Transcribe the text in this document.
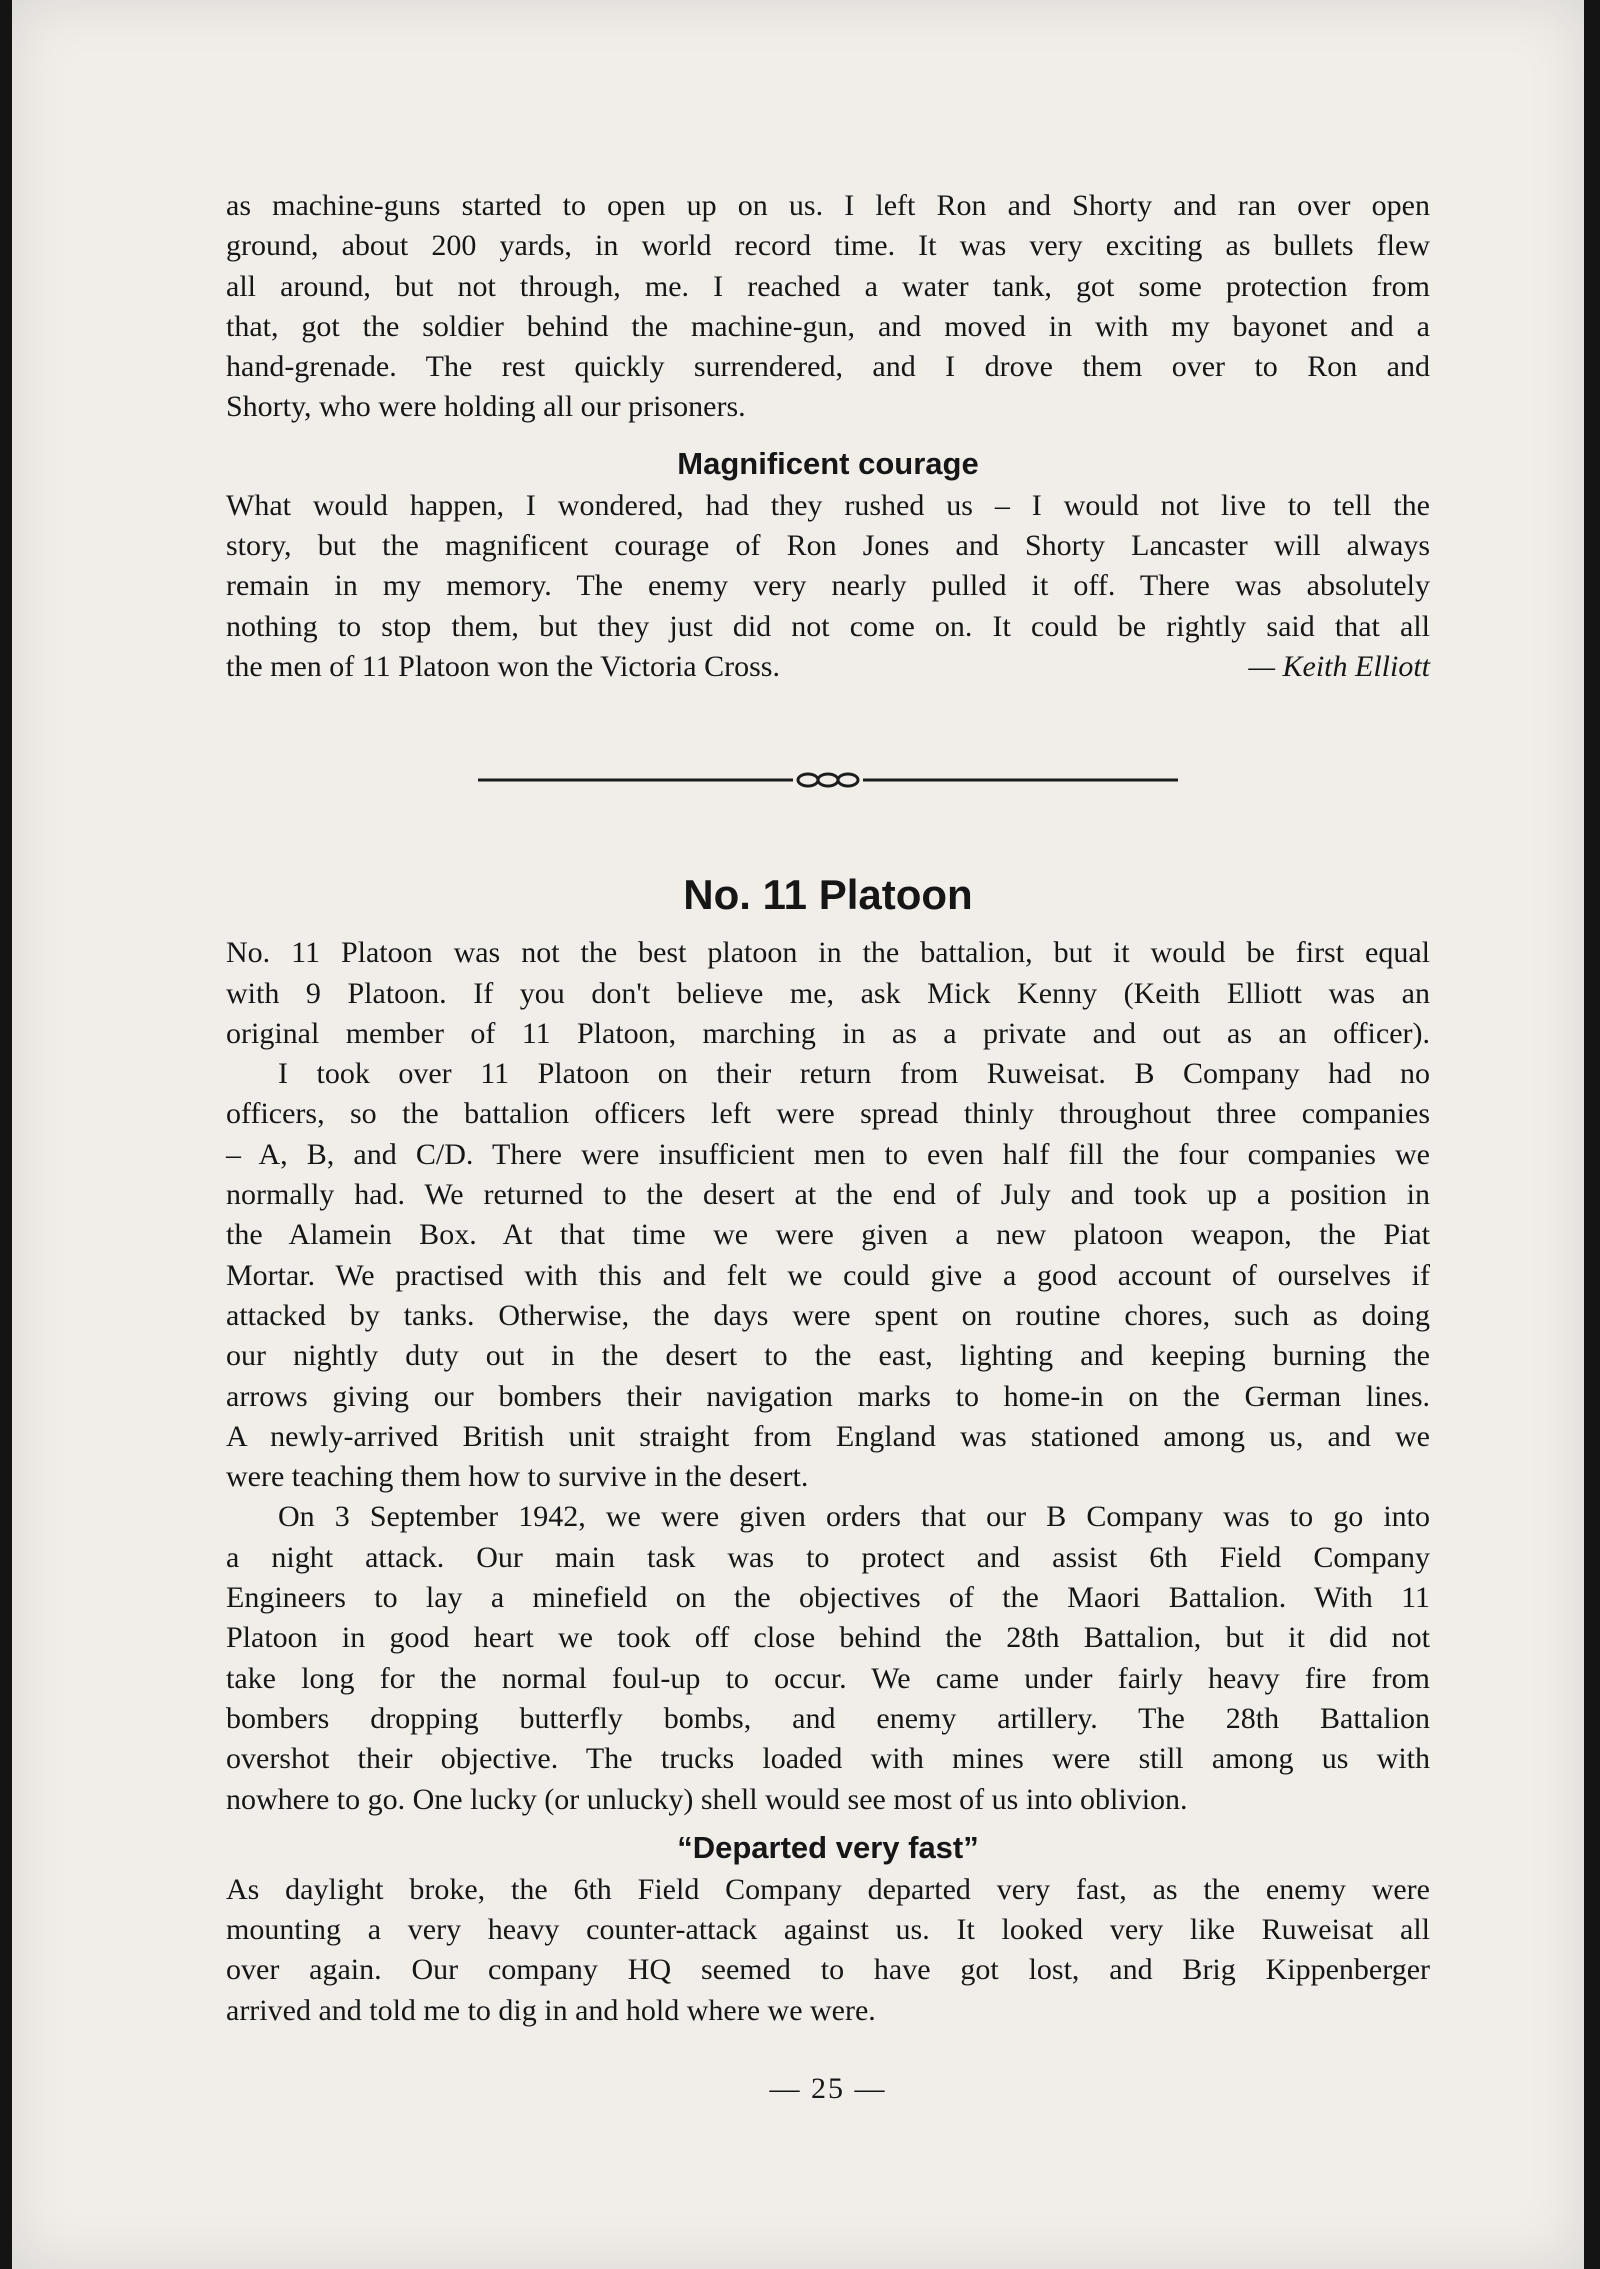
as machine-guns started to open up on us. I left Ron and Shorty and ran over open

ground, about 200 yards, in world record time. It was very exciting as bullets flew

all around, but not through, me. I reached a water tank, got some protection from

that, got the soldier behind the machine-gun, and moved in with my bayonet and a

hand-grenade. The rest quickly surrendered, and I drove them over to Ron and

Shorty, who were holding all our prisoners.

Magnificent courage

What would happen, I wondered, had they rushed us – I would not live to tell the

story, but the magnificent courage of Ron Jones and Shorty Lancaster will always

remain in my memory. The enemy very nearly pulled it off. There was absolutely

nothing to stop them, but they just did not come on. It could be rightly said that all

the men of 11 Platoon won the Victoria Cross.	— Keith Elliott

No. 11 Platoon

No. 11 Platoon was not the best platoon in the battalion, but it would be first equal

with 9 Platoon. If you don't believe me, ask Mick Kenny (Keith Elliott was an

original member of 11 Platoon, marching in as a private and out as an officer).

I took over 11 Platoon on their return from Ruweisat. B Company had no

officers, so the battalion officers left were spread thinly throughout three companies

– A, B, and C/D. There were insufficient men to even half fill the four companies we

normally had. We returned to the desert at the end of July and took up a position in

the Alamein Box. At that time we were given a new platoon weapon, the Piat

Mortar. We practised with this and felt we could give a good account of ourselves if

attacked by tanks. Otherwise, the days were spent on routine chores, such as doing

our nightly duty out in the desert to the east, lighting and keeping burning the

arrows giving our bombers their navigation marks to home-in on the German lines.

A newly-arrived British unit straight from England was stationed among us, and we

were teaching them how to survive in the desert.

On 3 September 1942, we were given orders that our B Company was to go into

a night attack. Our main task was to protect and assist 6th Field Company

Engineers to lay a minefield on the objectives of the Maori Battalion. With 11

Platoon in good heart we took off close behind the 28th Battalion, but it did not

take long for the normal foul-up to occur. We came under fairly heavy fire from

bombers dropping butterfly bombs, and enemy artillery. The 28th Battalion

overshot their objective. The trucks loaded with mines were still among us with

nowhere to go. One lucky (or unlucky) shell would see most of us into oblivion.

“Departed very fast”

As daylight broke, the 6th Field Company departed very fast, as the enemy were

mounting a very heavy counter-attack against us. It looked very like Ruweisat all

over again. Our company HQ seemed to have got lost, and Brig Kippenberger

arrived and told me to dig in and hold where we were.

— 25 —
